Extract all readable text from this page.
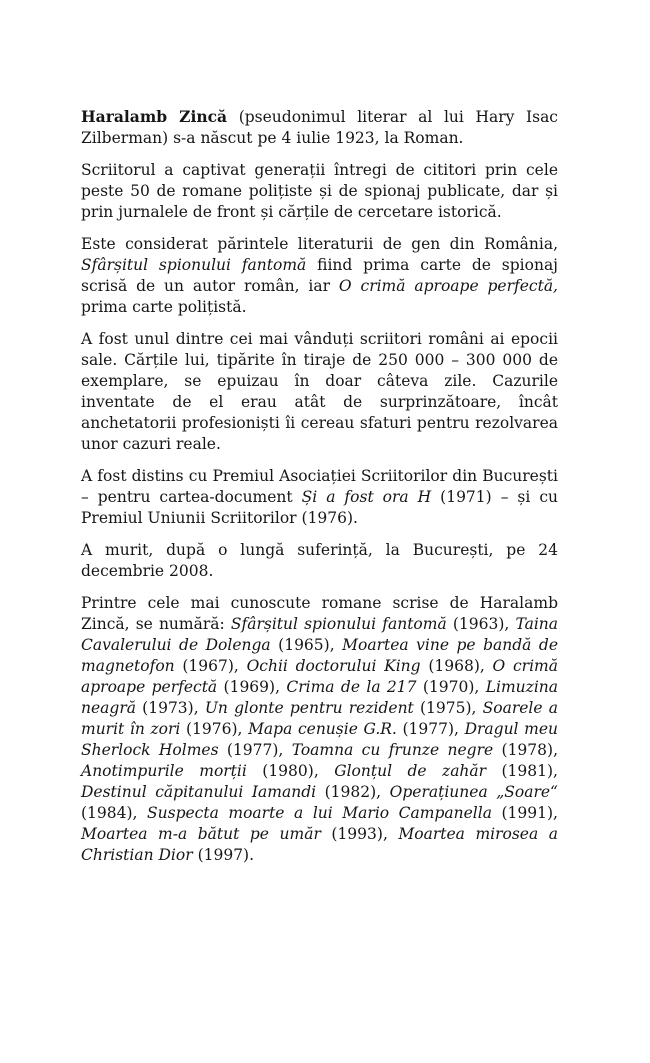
Haralamb Zincă (pseudonimul literar al lui Hary Isac Zilberman) s-a născut pe 4 iulie 1923, la Roman.

Scriitorul a captivat generații întregi de cititori prin cele peste 50 de romane polițiste și de spionaj publicate, dar și prin jurnalele de front și cărțile de cercetare istorică.

Este considerat părintele literaturii de gen din România, Sfârșitul spionului fantomă fiind prima carte de spionaj scrisă de un autor român, iar O crimă aproape perfectă, prima carte polițistă.

A fost unul dintre cei mai vânduți scriitori români ai epocii sale. Cărțile lui, tipărite în tiraje de 250 000 – 300 000 de exemplare, se epuizau în doar câteva zile. Cazurile inventate de el erau atât de surprinzătoare, încât anchetatorii profesioniști îi cereau sfaturi pentru rezolvarea unor cazuri reale.

A fost distins cu Premiul Asociației Scriitorilor din București – pentru cartea-document Și a fost ora H (1971) – și cu Premiul Uniunii Scriitorilor (1976).

A murit, după o lungă suferință, la București, pe 24 decembrie 2008.

Printre cele mai cunoscute romane scrise de Haralamb Zincă, se numără: Sfârșitul spionului fantomă (1963), Taina Cavalerului de Dolenga (1965), Moartea vine pe bandă de magnetofon (1967), Ochii doctorului King (1968), O crimă aproape perfectă (1969), Crima de la 217 (1970), Limuzina neagră (1973), Un glonte pentru rezident (1975), Soarele a murit în zori (1976), Mapa cenușie G.R. (1977), Dragul meu Sherlock Holmes (1977), Toamna cu frunze negre (1978), Anotimpurile morții (1980), Glonțul de zahăr (1981), Destinul căpitanului Iamandi (1982), Operațiunea „Soare“ (1984), Suspecta moarte a lui Mario Campanella (1991), Moartea m-a bătut pe umăr (1993), Moartea mirosea a Christian Dior (1997).
